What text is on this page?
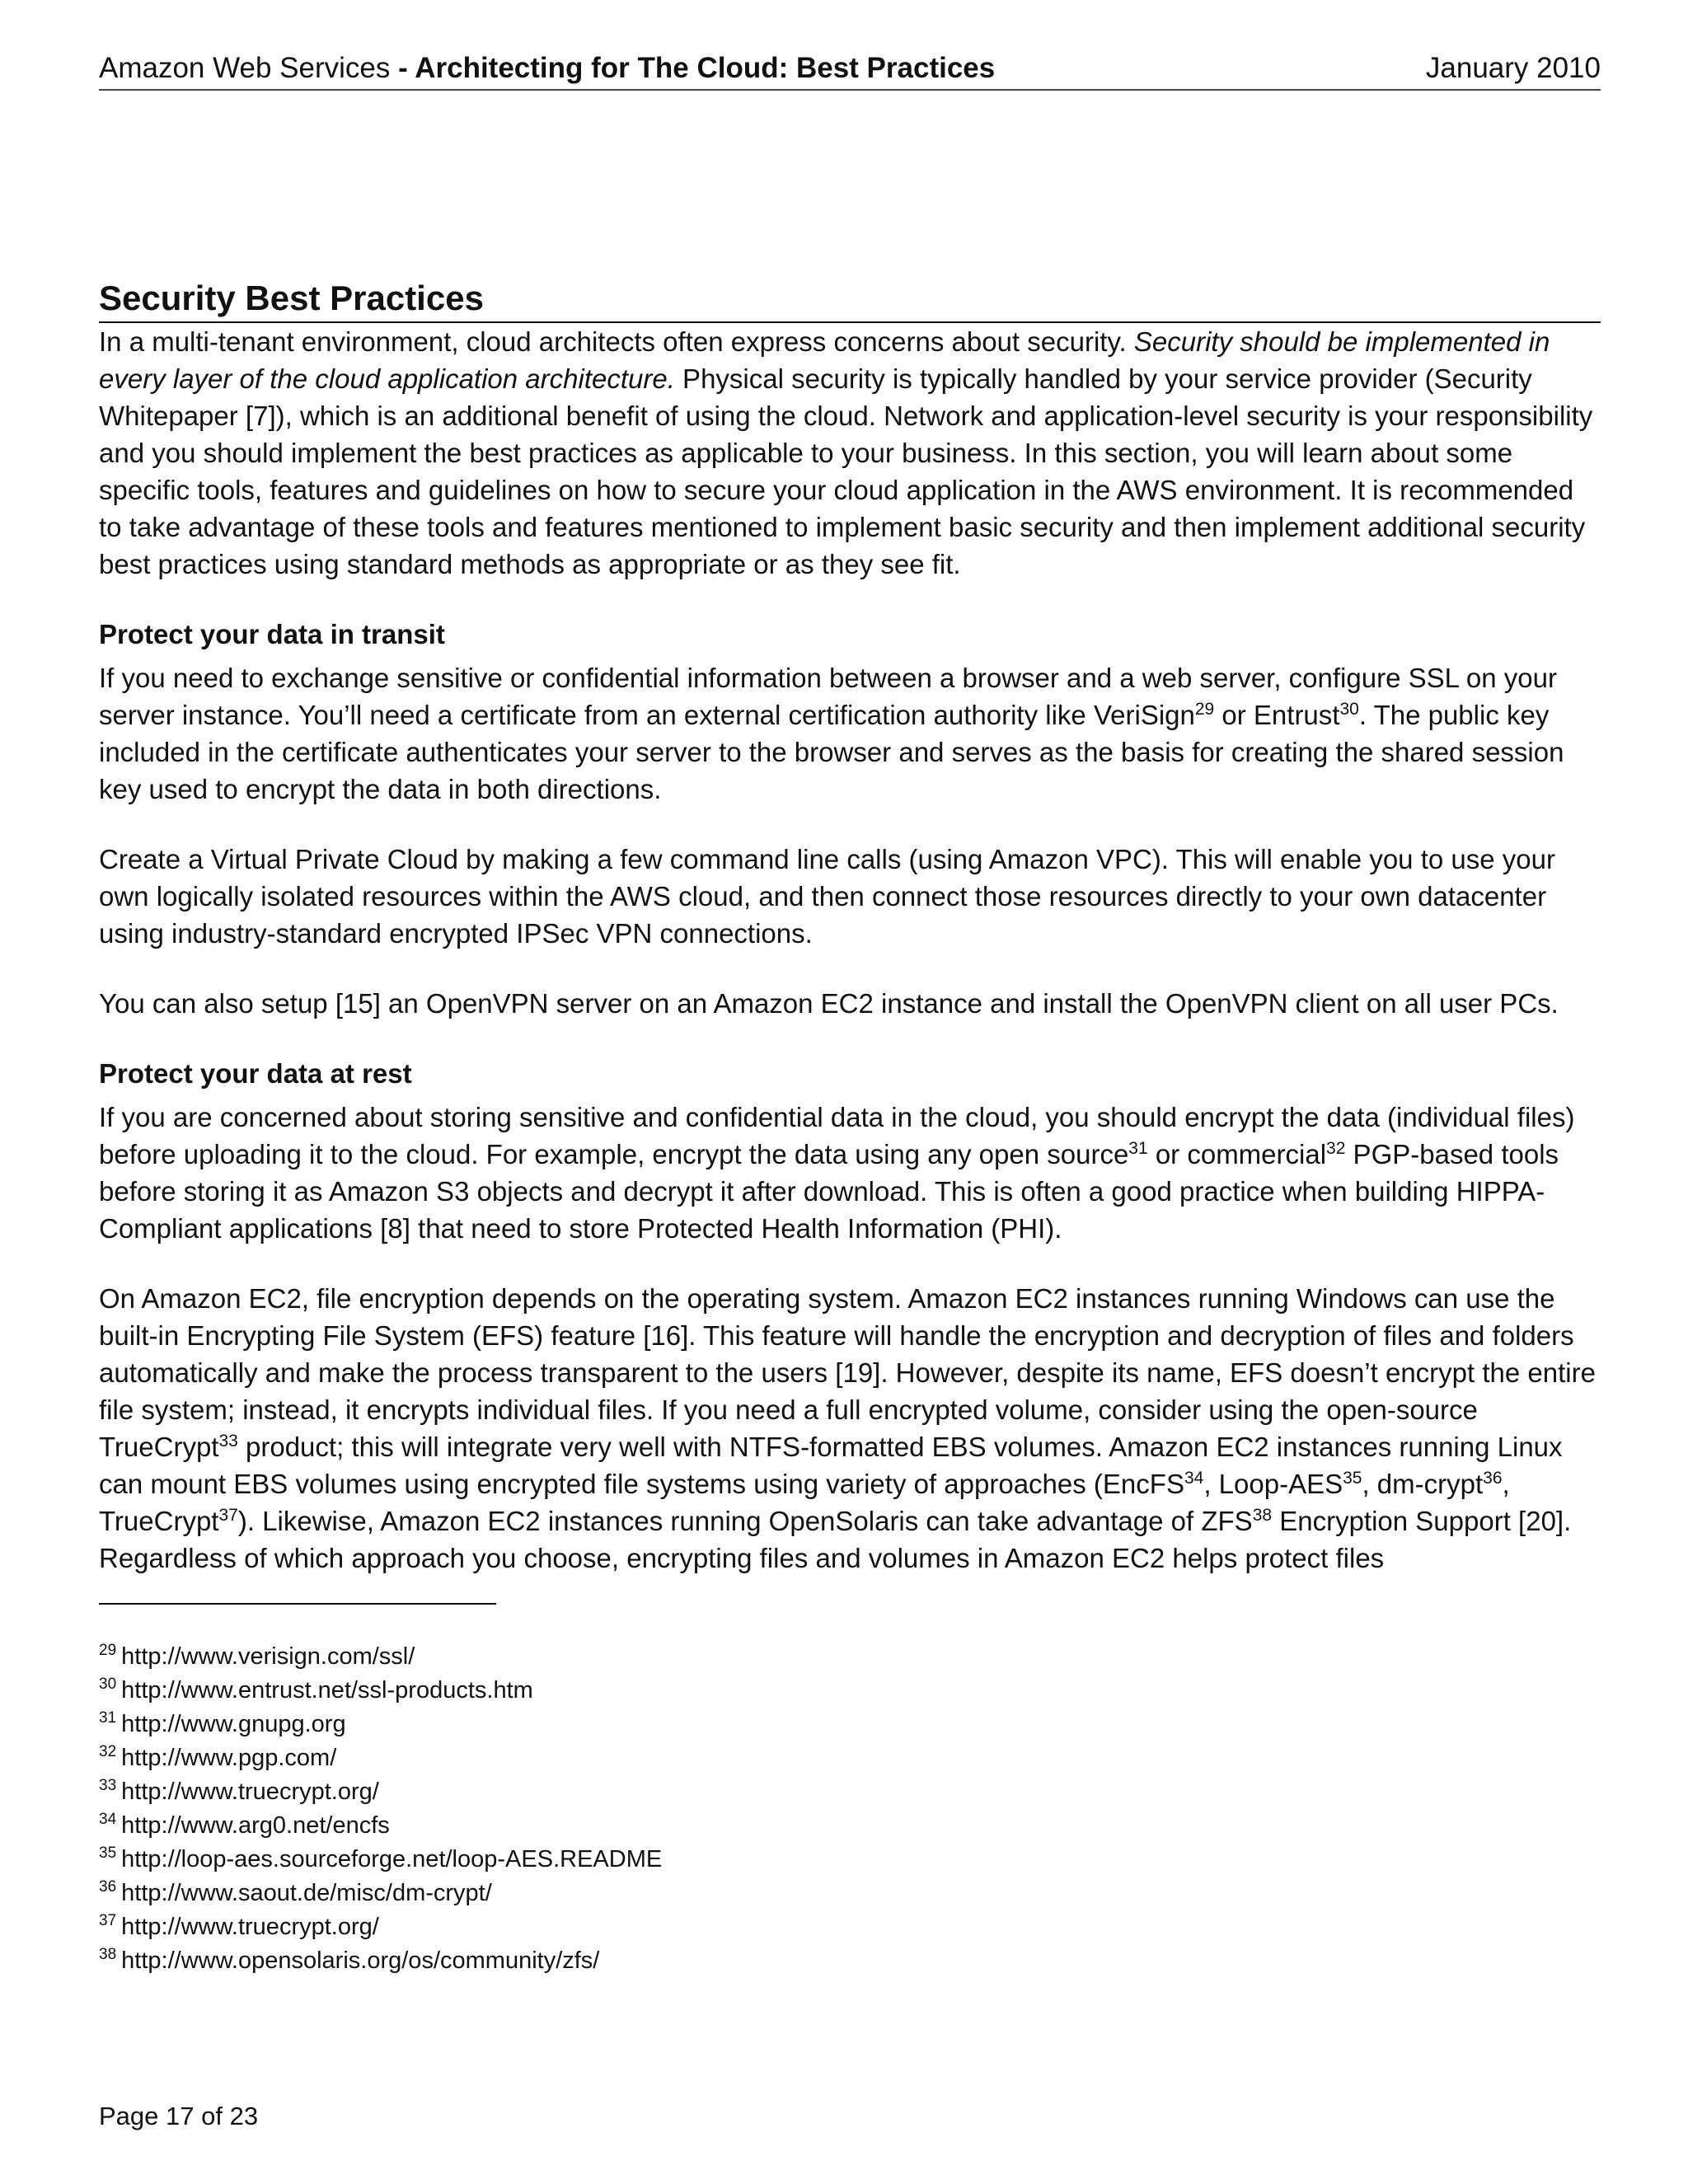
Amazon Web Services - Architecting for The Cloud: Best Practices	January 2010
Security Best Practices

In a multi-tenant environment, cloud architects often express concerns about security. Security should be implemented in every layer of the cloud application architecture. Physical security is typically handled by your service provider (Security Whitepaper [7]), which is an additional benefit of using the cloud. Network and application-level security is your responsibility and you should implement the best practices as applicable to your business. In this section, you will learn about some specific tools, features and guidelines on how to secure your cloud application in the AWS environment. It is recommended to take advantage of these tools and features mentioned to implement basic security and then implement additional security best practices using standard methods as appropriate or as they see fit.

Protect your data in transit

If you need to exchange sensitive or confidential information between a browser and a web server, configure SSL on your server instance. You’ll need a certificate from an external certification authority like VeriSign$^{29}$ or Entrust$^{30}$. The public key included in the certificate authenticates your server to the browser and serves as the basis for creating the shared session key used to encrypt the data in both directions.

Create a Virtual Private Cloud by making a few command line calls (using Amazon VPC). This will enable you to use your own logically isolated resources within the AWS cloud, and then connect those resources directly to your own datacenter using industry-standard encrypted IPSec VPN connections.

You can also setup [15] an OpenVPN server on an Amazon EC2 instance and install the OpenVPN client on all user PCs.

Protect your data at rest

If you are concerned about storing sensitive and confidential data in the cloud, you should encrypt the data (individual files) before uploading it to the cloud. For example, encrypt the data using any open source$^{31}$ or commercial$^{32}$ PGP-based tools before storing it as Amazon S3 objects and decrypt it after download. This is often a good practice when building HIPPA-Compliant applications [8] that need to store Protected Health Information (PHI).

On Amazon EC2, file encryption depends on the operating system. Amazon EC2 instances running Windows can use the built-in Encrypting File System (EFS) feature [16]. This feature will handle the encryption and decryption of files and folders automatically and make the process transparent to the users [19]. However, despite its name, EFS doesn’t encrypt the entire file system; instead, it encrypts individual files. If you need a full encrypted volume, consider using the open-source TrueCrypt$^{33}$ product; this will integrate very well with NTFS-formatted EBS volumes. Amazon EC2 instances running Linux can mount EBS volumes using encrypted file systems using variety of approaches (EncFS$^{34}$, Loop-AES$^{35}$, dm-crypt$^{36}$, TrueCrypt$^{37}$). Likewise, Amazon EC2 instances running OpenSolaris can take advantage of ZFS$^{38}$ Encryption Support [20]. Regardless of which approach you choose, encrypting files and volumes in Amazon EC2 helps protect files

$^{29}$ http://www.verisign.com/ssl/
$^{30}$ http://www.entrust.net/ssl-products.htm
$^{31}$ http://www.gnupg.org
$^{32}$ http://www.pgp.com/
$^{33}$ http://www.truecrypt.org/
$^{34}$ http://www.arg0.net/encfs
$^{35}$ http://loop-aes.sourceforge.net/loop-AES.README
$^{36}$ http://www.saout.de/misc/dm-crypt/
$^{37}$ http://www.truecrypt.org/
$^{38}$ http://www.opensolaris.org/os/community/zfs/
Page 17 of 23
